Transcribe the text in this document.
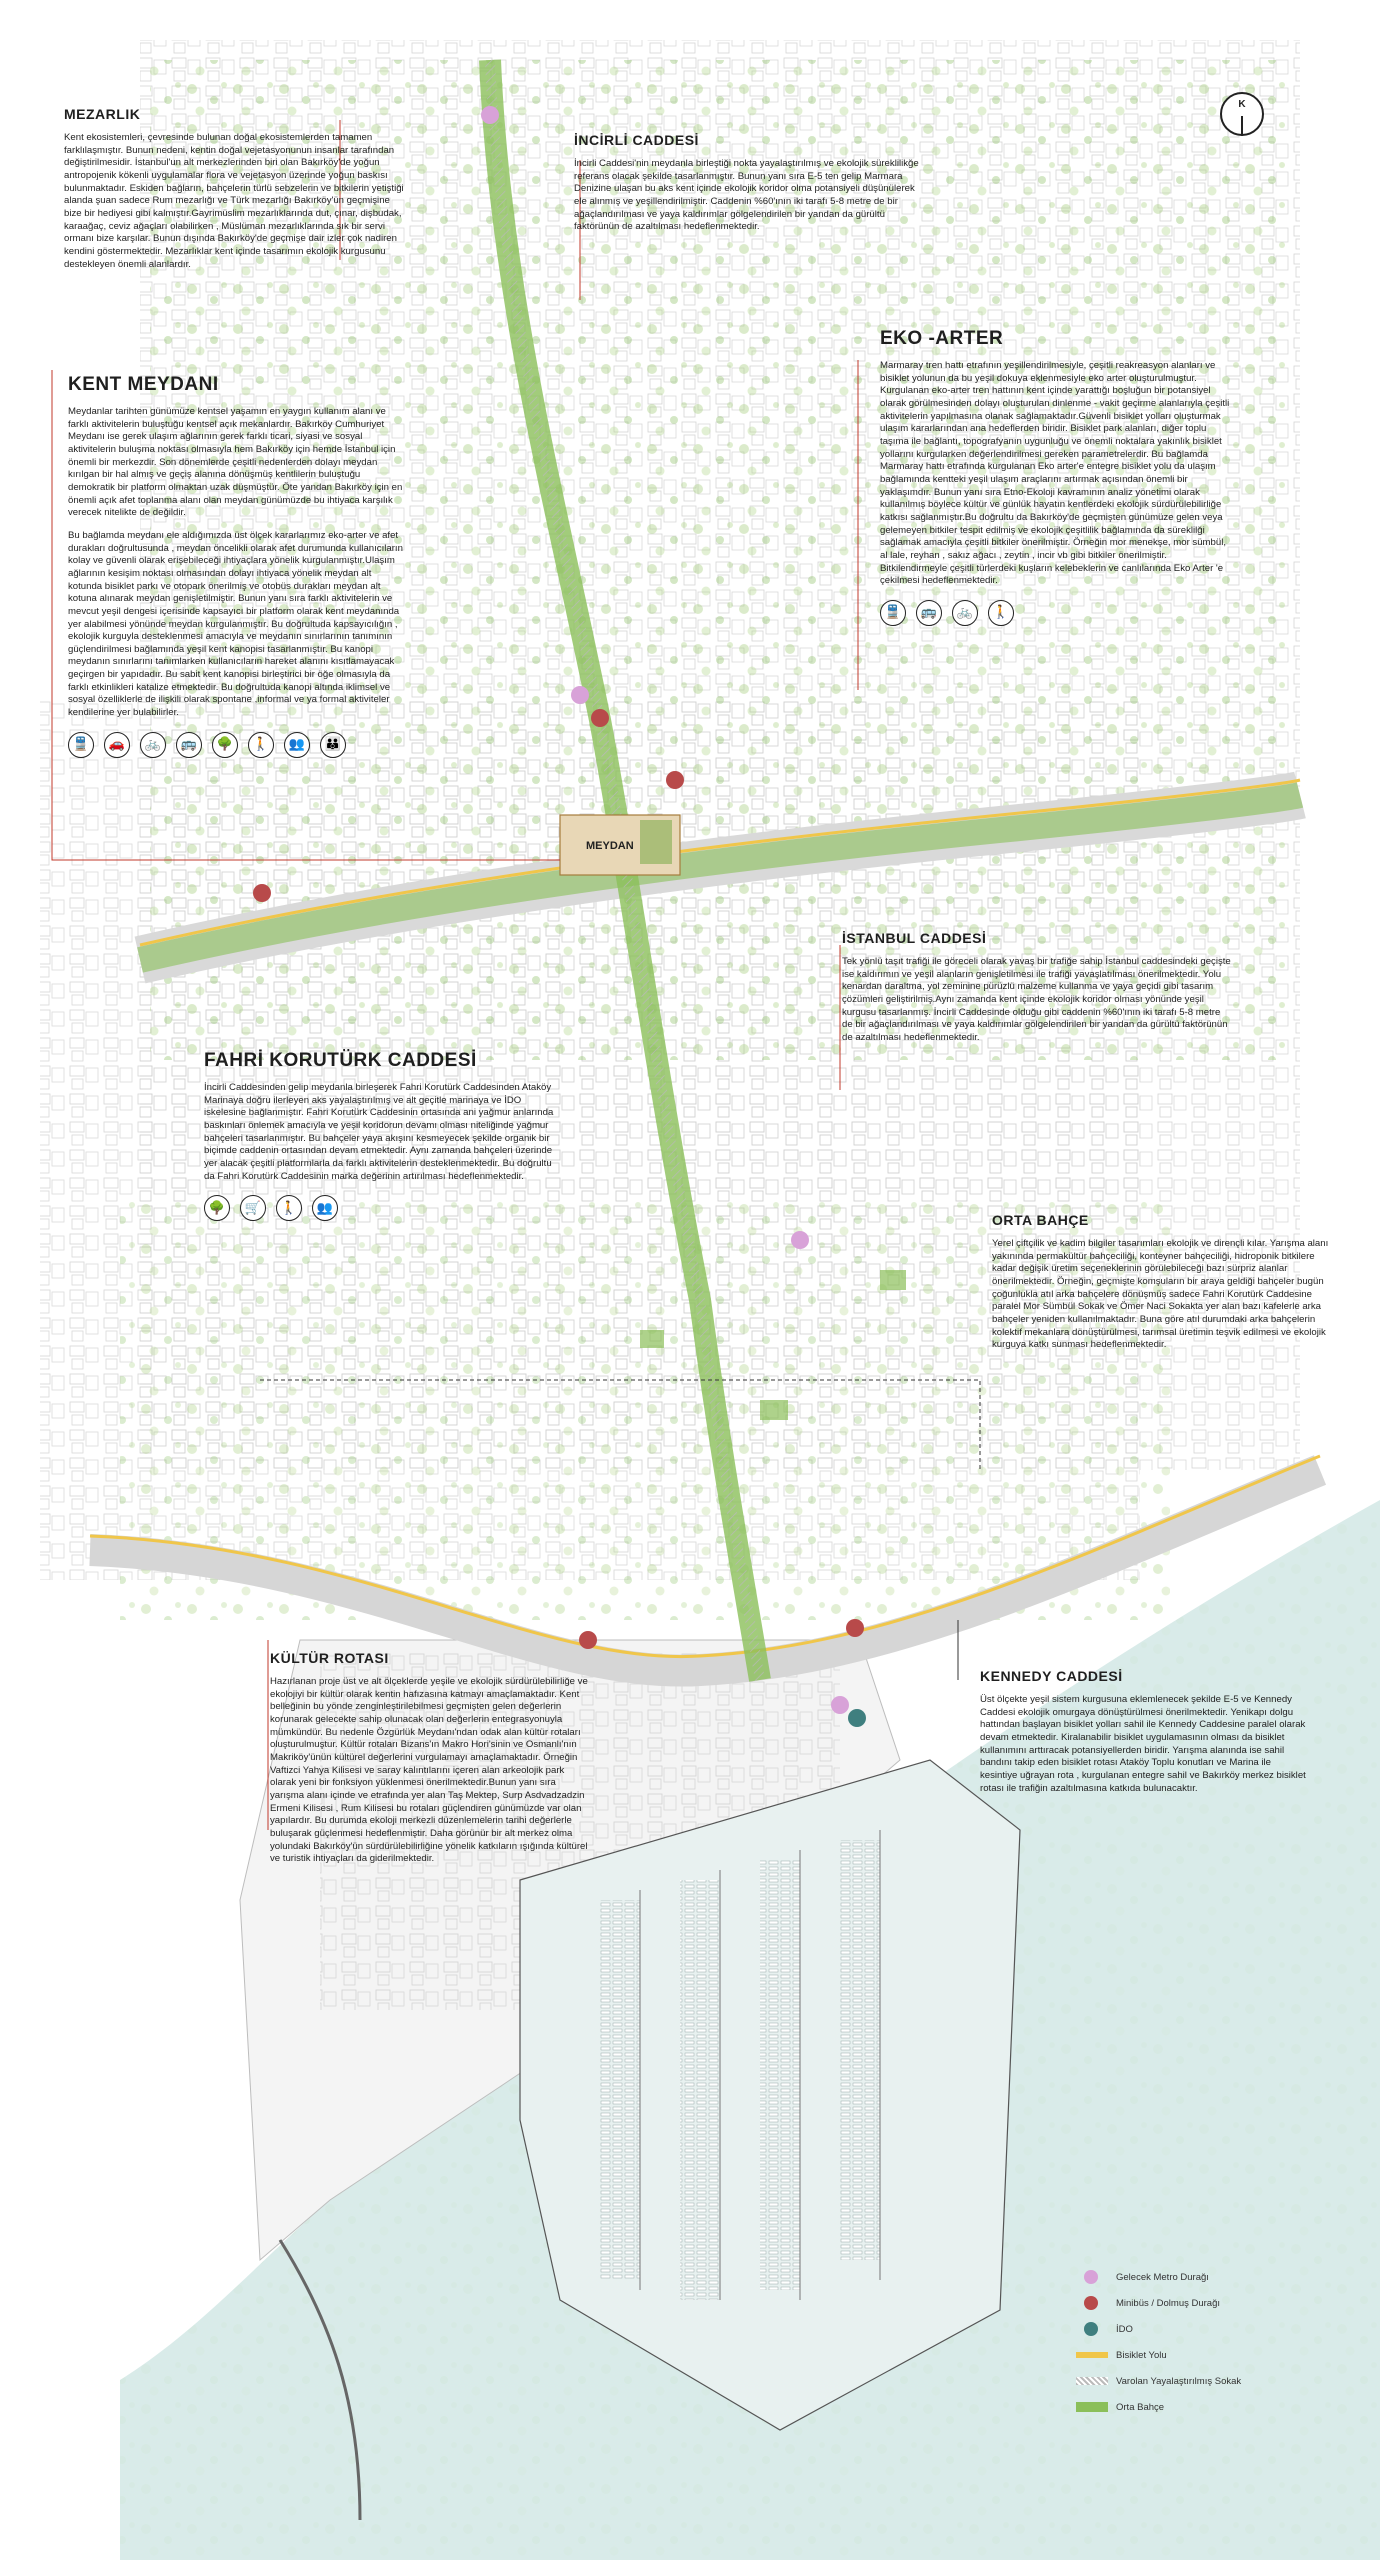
K
MEYDAN
MEZARLIK

Kent ekosistemleri, çevresinde bulunan doğal ekosistemlerden tamamen farklılaşmıştır. Bunun nedeni, kentin doğal vejetasyonunun insanlar tarafından değiştirilmesidir. İstanbul'un alt merkezlerinden biri olan Bakırköy'de yoğun antropojenik kökenli uygulamalar flora ve vejetasyon üzerinde yoğun baskısı bulunmaktadır. Eskiden bağların, bahçelerin türlü sebzelerin ve bitkilerin yetiştiği alanda şuan sadece Rum mezarlığı ve Türk mezarlığı Bakırköy'ün geçmişine bize bir hediyesi gibi kalmıştır.Gayrimüslim mezarlıklarında dut, çınar, dişbudak, karaağaç, ceviz ağaçları olabilirken , Müslüman mezarlıklarında sık bir servi ormanı bize karşılar. Bunun dışında Bakırköy'de geçmişe dair izler çok nadiren kendini göstermektedir. Mezarlıklar kent içinde tasarımın ekolojik kurgusunu destekleyen önemli alanlardır.

İNCİRLİ CADDESİ

İncirli Caddesi'nin meydanla birleştiği nokta yayalaştırılmış ve ekolojik süreklilikğe referans olacak şekilde tasarlanmıştır. Bunun yanı sıra E-5 ten gelip Marmara Denizine ulaşan bu aks kent içinde ekolojik koridor olma potansiyeli düşünülerek ele alınmış ve yeşillendirilmiştir. Caddenin %60'ının iki tarafı 5-8 metre de bir ağaçlandırılması ve yaya kaldırımlar gölgelendirilen bir yandan da gürültü faktörünün de azaltılması hedeflenmektedir.

KENT MEYDANI

Meydanlar tarihten günümüze kentsel yaşamın en yaygın kullanım alanı ve farklı aktivitelerin buluştuğu kentsel açık mekanlardır. Bakırköy Cumhuriyet Meydanı ise gerek ulaşım ağlarının gerek farklı ticari, siyasi ve sosyal aktivitelerin buluşma noktası olmasıyla hem Bakırköy için hemde İstanbul için önemli bir merkezdir. Son dönemlerde çeşitli nedenlerden dolayı meydan kırılgan bir hal almış ve geçiş alanına dönüşmüş kentlilerin buluştuğu demokratik bir platform olmaktan uzak düşmüştür. Öte yandan Bakırköy için en önemli açık afet toplanma alanı olan meydan günümüzde bu ihtiyaca karşılık verecek nitelikte de değildir.

Bu bağlamda meydanı ele aldığımızda üst ölçek kararlarımız eko-arter ve afet durakları doğrultusunda , meydan öncelikli olarak afet durumunda kullanıcıların kolay ve güvenli olarak erişebileceği ihtiyaçlara yönelik kurgulanmıştır.Ulaşım ağlarının kesişim noktası olmasından dolayı ihtiyaca yönelik meydan alt kotunda bisiklet parkı ve otopark önerilmiş ve otobüs durakları meydan alt kotuna alınarak meydan genişletilmiştir. Bunun yanı sıra farklı aktivitelerin ve mevcut yeşil dengesi içerisinde kapsayıcı bir platform olarak kent meydanında yer alabilmesi yönünde meydan kurgulanmıştır. Bu doğrultuda kapsayıcılığın , ekolojik kurguyla desteklenmesi amacıyla ve meydanın sınırlarının tanımının güçlendirilmesi bağlamında yeşil kent kanopisi tasarlanmıştır. Bu kanopi meydanın sınırlarını tanımlarken kullanıcıların hareket alanını kısıtlamayacak geçirgen bir yapıdadır. Bu sabit kent kanopisi birleştirici bir öğe olmasıyla da farklı etkinlikleri katalize etmektedir. Bu doğrultuda kanopi altında iklimsel ve sosyal özelliklerle de ilişkili olarak spontane ,informal ve ya formal aktiviteler kendilerine yer bulabilirler.

🚆	🚗	🚲	🚌	🌳	🚶	👥	👪
EKO -ARTER

Marmaray tren hattı etrafının yeşillendirilmesiyle, çeşitli reakreasyon alanları ve bisiklet yolunun da bu yeşil dokuya eklenmesiyle eko arter oluşturulmuştur. Kurgulanan eko-arter tren hattının kent içinde yarattığı boşluğun bir potansiyel olarak görülmesinden dolayı oluşturulan dinlenme - vakit geçirme alanlarıyla çeşitli aktivitelerin yapılmasına olanak sağlamaktadır.Güvenli bisiklet yolları oluşturmak ulaşım kararlarından ana hedeflerden biridir. Bisiklet park alanları, diğer toplu taşıma ile bağlantı, topografyanın uygunluğu ve önemli noktalara yakınlık bisiklet yollarını kurgularken değerlendirilmesi gereken parametrelerdir. Bu bağlamda Marmaray hattı etrafında kurgulanan Eko arter'e entegre bisiklet yolu da ulaşım bağlamında kentteki yeşil ulaşım araçlarını artırmak açısından önemli bir yaklaşımdır. Bunun yanı sıra Etno-Ekoloji kavramının analiz yönetimi olarak kullanılmış böylece kültür ve günlük hayatın kentlerdeki ekolojik sürdürülebilirliğe katkısı sağlanmıştır.Bu doğrultu da Bakırköy'de geçmişten günümüze gelen veya gelemeyen bitkiler tespit edilmiş ve ekolojik çeşitlilik bağlamında da süreklilği sağlamak amacıyla çeşitli bitkiler önerilmiştir. Örneğin mor menekşe, mor sümbül, al lale, reyhan , sakız ağacı , zeytin , incir vb gibi bitkiler önerilmiştir. Bitkilendirmeyle çeşitli türlerdeki kuşların kelebeklerin ve canlılarında Eko Arter 'e çekilmesi hedeflenmektedir.

🚆	🚌	🚲	🚶
İSTANBUL CADDESİ

Tek yönlü taşıt trafiği ile göreceli olarak yavaş bir trafiğe sahip İstanbul caddesindeki geçişte ise kaldırımın ve yeşil alanların genişletilmesi ile trafiği yavaşlatılması önerilmektedir. Yolu kenardan daraltma, yol zeminine pürüzlü malzeme kullanma ve yaya geçidi gibi tasarım çözümleri geliştirilmiş.Aynı zamanda kent içinde ekolojik koridor olması yönünde yeşil kurgusu tasarlanmış. İncirli Caddesinde olduğu gibi caddenin %60'ının iki tarafı 5-8 metre de bir ağaçlandırılması ve yaya kaldırımlar gölgelendirilen bir yandan da gürültü faktörünün de azaltılması hedeflenmektedir.

FAHRİ KORUTÜRK CADDESİ

İncirli Caddesinden gelip meydanla birleşerek Fahri Korutürk Caddesinden Ataköy Marinaya doğru ilerleyen aks yayalaştırılmış ve alt geçitle marinaya ve İDO iskelesine bağlanmıştır. Fahri Korutürk Caddesinin ortasında ani yağmur anlarında baskınları önlemek amacıyla ve yeşil koridorun devamı olması niteliğinde yağmur bahçeleri tasarlanmıştır. Bu bahçeler yaya akışını kesmeyecek şekilde organik bir biçimde caddenin ortasından devam etmektedir. Aynı zamanda bahçeleri üzerinde yer alacak çeşitli platformlarla da farklı aktivitelerin desteklenmektedir. Bu doğrultu da Fahri Korutürk Caddesinin marka değerinin artırılması hedeflenmektedir.

🌳	🛒	🚶	👥
ORTA BAHÇE

Yerel çiftçilik ve kadim bilgiler tasarımları ekolojik ve dirençli kılar. Yarışma alanı yakınında permakültür bahçeciliği, konteyner bahçeciliği, hidroponik bitkilere kadar değişik üretim seçeneklerinin görülebileceği bazı sürpriz alanlar önerilmektedir. Örneğin, geçmişte komşuların bir araya geldiği bahçeler bugün çoğunlukla atıl arka bahçelere dönüşmüş sadece Fahri Korutürk Caddesine paralel Mor Sümbül Sokak ve Ömer Naci Sokakta yer alan bazı kafelerle arka bahçeler yeniden kullanılmaktadır. Buna göre atıl durumdaki arka bahçelerin kolektif mekanlara dönüştürülmesi, tarımsal üretimin teşvik edilmesi ve ekolojik kurguya katkı sunması hedeflenmektedir.

KÜLTÜR ROTASI

Hazırlanan proje üst ve alt ölçeklerde yeşile ve ekolojik sürdürülebilirliğe ve ekolojiyi bir kültür olarak kentin hafızasına katmayı amaçlamaktadır. Kent belleğinin bu yönde zenginleştirilebilmesi geçmişten gelen değerlerin korunarak gelecekte sahip olunacak olan değerlerin entegrasyonuyla mümkündür. Bu nedenle Özgürlük Meydanı'ndan odak alan kültür rotaları oluşturulmuştur. Kültür rotaları Bizans'ın Makro Hori'sinin ve Osmanlı'nın Makriköy'ünün kültürel değerlerini vurgulamayı amaçlamaktadır. Örneğin Vaftizci Yahya Kilisesi ve saray kalıntılarını içeren alan arkeolojik park olarak yeni bir fonksiyon yüklenmesi önerilmektedir.Bunun yanı sıra yarışma alanı içinde ve etrafında yer alan Taş Mektep, Surp Asdvadzadzin Ermeni Kilisesi , Rum Kilisesi bu rotaları güçlendiren günümüzde var olan yapılardır. Bu durumda ekoloji merkezli düzenlemelerin tarihi değerlerle buluşarak güçlenmesi hedeflenmiştir. Daha görünür bir alt merkez olma yolundaki Bakırköy'ün sürdürülebilirliğine yönelik katkıların ışığında kültürel ve turistik ihtiyaçları da giderilmektedir.

KENNEDY CADDESİ

Üst ölçekte yeşil sistem kurgusuna eklemlenecek şekilde E-5 ve Kennedy Caddesi ekolojik omurgaya dönüştürülmesi önerilmektedir. Yenikapı dolgu hattından başlayan bisiklet yolları sahil ile Kennedy Caddesine paralel olarak devam etmektedir. Kiralanabilir bisiklet uygulamasının olması da bisiklet kullanımını arttıracak potansiyellerden biridir. Yarışma alanında ise sahil bandını takip eden bisiklet rotası Ataköy Toplu konutları ve Marina ile kesintiye uğrayan rota , kurgulanan entegre sahil ve Bakırköy merkez bisiklet rotası ile trafiğin azaltılmasına katkıda bulunacaktır.

Gelecek Metro Durağı
Minibüs / Dolmuş Durağı
İDO
Bisiklet Yolu
Varolan Yayalaştırılmış Sokak
Orta Bahçe
